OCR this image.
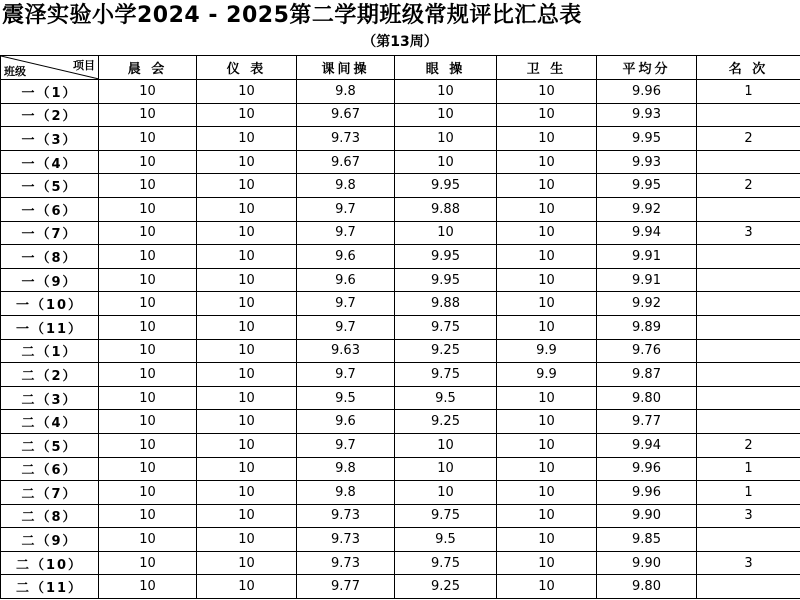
震泽实验小学2024 - 2025第二学期班级常规评比汇总表
（第13周）
项目
班级	晨 会	仪 表	课间操	眼 操	卫 生	平均分	名 次
一（1）	10	10	9.8	10	10	9.96	1
一（2）	10	10	9.67	10	10	9.93	
一（3）	10	10	9.73	10	10	9.95	2
一（4）	10	10	9.67	10	10	9.93	
一（5）	10	10	9.8	9.95	10	9.95	2
一（6）	10	10	9.7	9.88	10	9.92	
一（7）	10	10	9.7	10	10	9.94	3
一（8）	10	10	9.6	9.95	10	9.91	
一（9）	10	10	9.6	9.95	10	9.91	
一（10）	10	10	9.7	9.88	10	9.92	
一（11）	10	10	9.7	9.75	10	9.89	
二（1）	10	10	9.63	9.25	9.9	9.76	
二（2）	10	10	9.7	9.75	9.9	9.87	
二（3）	10	10	9.5	9.5	10	9.80	
二（4）	10	10	9.6	9.25	10	9.77	
二（5）	10	10	9.7	10	10	9.94	2
二（6）	10	10	9.8	10	10	9.96	1
二（7）	10	10	9.8	10	10	9.96	1
二（8）	10	10	9.73	9.75	10	9.90	3
二（9）	10	10	9.73	9.5	10	9.85	
二（10）	10	10	9.73	9.75	10	9.90	3
二（11）	10	10	9.77	9.25	10	9.80	
